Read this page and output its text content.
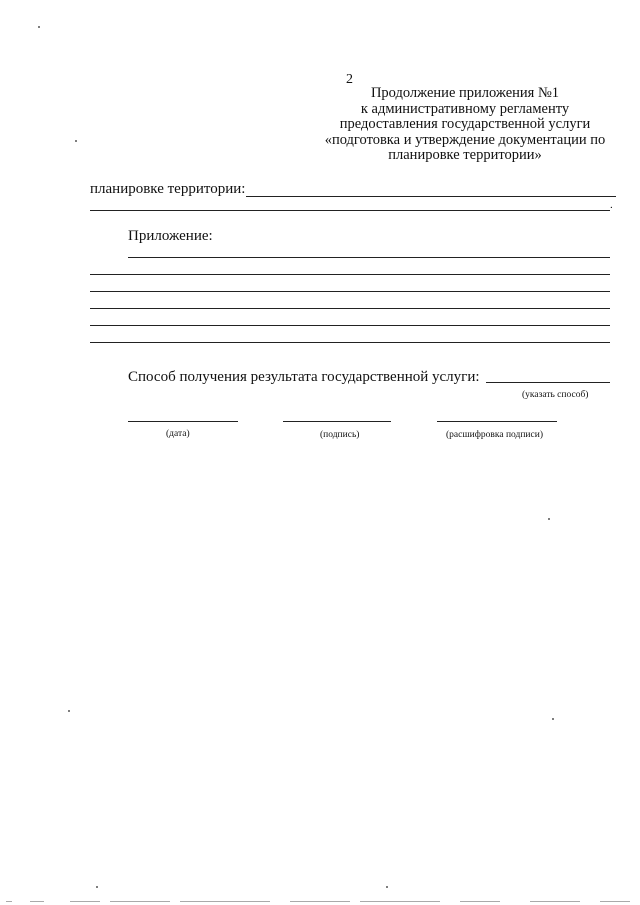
2
Продолжение приложения №1
к административному регламенту
предоставления государственной услуги
«подготовка и утверждение документации по
планировке территории»
планировке территории:
.
Приложение:
Способ получения результата государственной услуги:
(указать способ)
(дата)	(подпись)	(расшифровка подписи)
